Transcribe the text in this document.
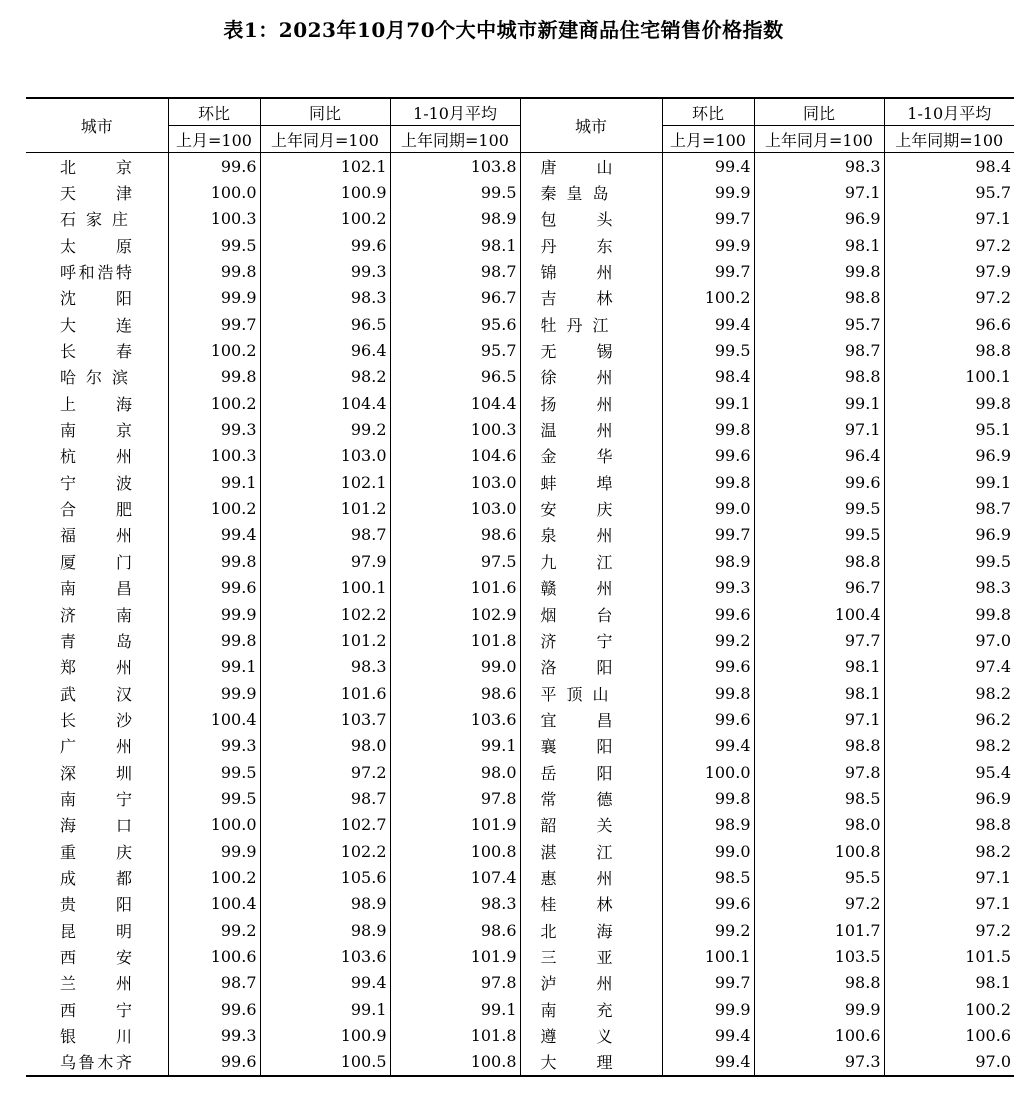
表1：2023年10月70个大中城市新建商品住宅销售价格指数
城市	环比	同比	1-10月平均	城市	环比	同比	1-10月平均
	上月=100	上年同月=100	上年同期=100		上月=100	上年同月=100	上年同期=100

北 京	99.6	102.1	103.8	唐 山	99.4	98.3	98.4

天 津	100.0	100.9	99.5	秦 皇 岛	99.9	97.1	95.7

石 家 庄	100.3	100.2	98.9	包 头	99.7	96.9	97.1

太 原	99.5	99.6	98.1	丹 东	99.9	98.1	97.2

呼 和 浩 特	99.8	99.3	98.7	锦 州	99.7	99.8	97.9

沈 阳	99.9	98.3	96.7	吉 林	100.2	98.8	97.2

大 连	99.7	96.5	95.6	牡 丹 江	99.4	95.7	96.6

长 春	100.2	96.4	95.7	无 锡	99.5	98.7	98.8

哈 尔 滨	99.8	98.2	96.5	徐 州	98.4	98.8	100.1

上 海	100.2	104.4	104.4	扬 州	99.1	99.1	99.8

南 京	99.3	99.2	100.3	温 州	99.8	97.1	95.1

杭 州	100.3	103.0	104.6	金 华	99.6	96.4	96.9

宁 波	99.1	102.1	103.0	蚌 埠	99.8	99.6	99.1

合 肥	100.2	101.2	103.0	安 庆	99.0	99.5	98.7

福 州	99.4	98.7	98.6	泉 州	99.7	99.5	96.9

厦 门	99.8	97.9	97.5	九 江	98.9	98.8	99.5

南 昌	99.6	100.1	101.6	赣 州	99.3	96.7	98.3

济 南	99.9	102.2	102.9	烟 台	99.6	100.4	99.8

青 岛	99.8	101.2	101.8	济 宁	99.2	97.7	97.0

郑 州	99.1	98.3	99.0	洛 阳	99.6	98.1	97.4

武 汉	99.9	101.6	98.6	平 顶 山	99.8	98.1	98.2

长 沙	100.4	103.7	103.6	宜 昌	99.6	97.1	96.2

广 州	99.3	98.0	99.1	襄 阳	99.4	98.8	98.2

深 圳	99.5	97.2	98.0	岳 阳	100.0	97.8	95.4

南 宁	99.5	98.7	97.8	常 德	99.8	98.5	96.9

海 口	100.0	102.7	101.9	韶 关	98.9	98.0	98.8

重 庆	99.9	102.2	100.8	湛 江	99.0	100.8	98.2

成 都	100.2	105.6	107.4	惠 州	98.5	95.5	97.1

贵 阳	100.4	98.9	98.3	桂 林	99.6	97.2	97.1

昆 明	99.2	98.9	98.6	北 海	99.2	101.7	97.2

西 安	100.6	103.6	101.9	三 亚	100.1	103.5	101.5

兰 州	98.7	99.4	97.8	泸 州	99.7	98.8	98.1

西 宁	99.6	99.1	99.1	南 充	99.9	99.9	100.2

银 川	99.3	100.9	101.8	遵 义	99.4	100.6	100.6

乌 鲁 木 齐	99.6	100.5	100.8	大 理	99.4	97.3	97.0
